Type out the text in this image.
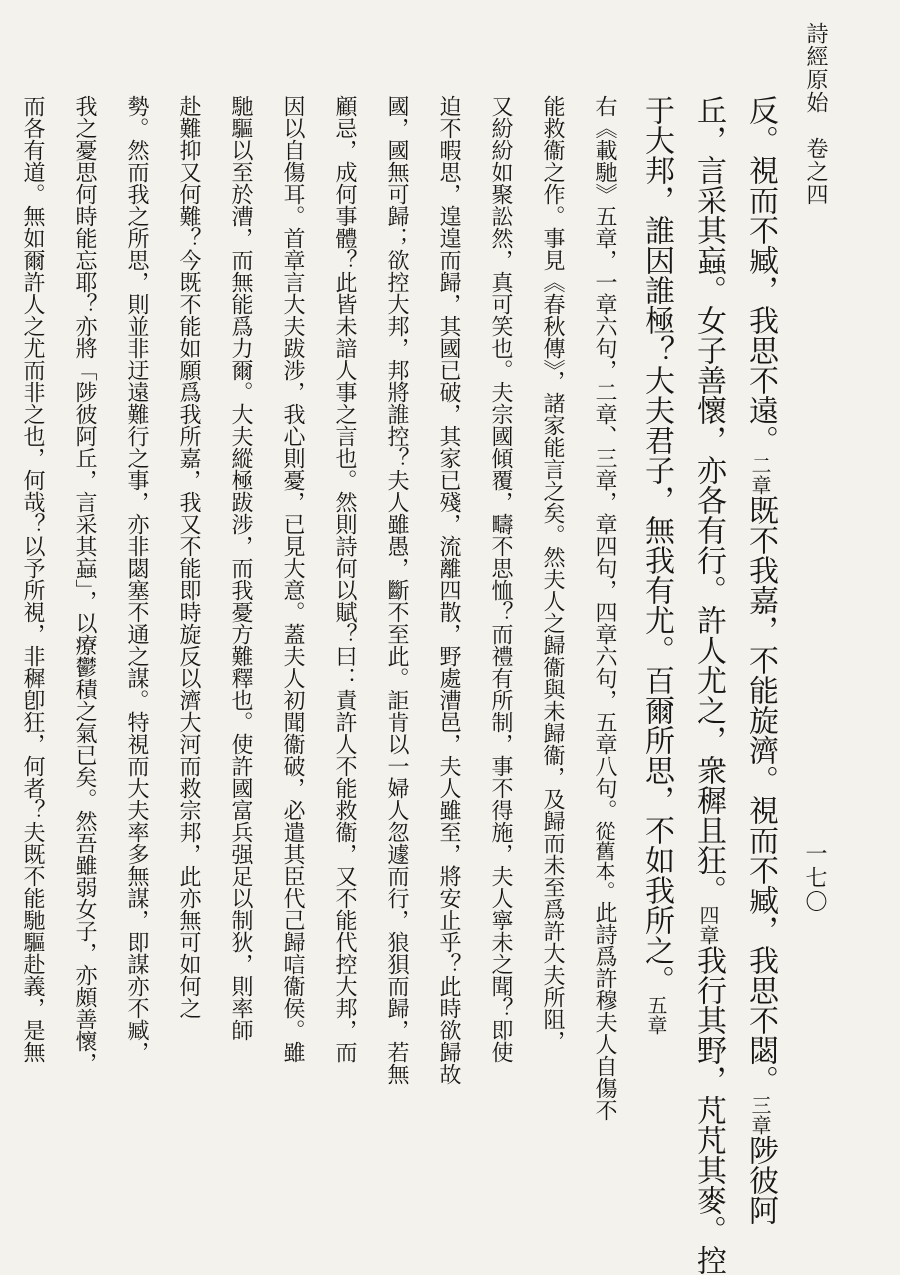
詩經原始　卷之四
一七〇
反。視而不臧，我思不遠。二章既不我嘉，不能旋濟。視而不臧，我思不閟。三章陟彼阿
丘，言采其蝱。女子善懷，亦各有行。許人尤之，衆穉且狂。四章我行其野，芃芃其麥。控
于大邦，誰因誰極？大夫君子，無我有尤。百爾所思，不如我所之。五章
右《載馳》五章，一章六句，二章、三章，章四句，四章六句，五章八句。從舊本。此詩爲許穆夫人自傷不
能救衞之作。事見《春秋傳》，諸家能言之矣。然夫人之歸衞與未歸衞，及歸而未至爲許大夫所阻，
又紛紛如聚訟然，真可笑也。夫宗國傾覆，疇不思恤？而禮有所制，事不得施，夫人寧未之聞？即使
迫不暇思，遑遑而歸，其國已破，其家已殘，流離四散，野處漕邑，夫人雖至，將安止乎？此時欲歸故
國，國無可歸；欲控大邦，邦將誰控？夫人雖愚，斷不至此。詎肯以一婦人忽遽而行，狼狽而歸，若無
顧忌，成何事體？此皆未諳人事之言也。然則詩何以賦？曰：責許人不能救衞，又不能代控大邦，而
因以自傷耳。首章言大夫跋涉，我心則憂，已見大意。蓋夫人初聞衞破，必遣其臣代己歸唁衞侯。雖
馳驅以至於漕，而無能爲力爾。大夫縱極跋涉，而我憂方難釋也。使許國富兵强足以制狄，則率師
赴難抑又何難？今既不能如願爲我所嘉，我又不能即時旋反以濟大河而救宗邦，此亦無可如何之
勢。然而我之所思，則並非迂遠難行之事，亦非閟塞不通之謀。特視而大夫率多無謀，即謀亦不臧，
我之憂思何時能忘耶？亦將「陟彼阿丘，言采其蝱」，以療鬱積之氣已矣。然吾雖弱女子，亦頗善懷，
而各有道。無如爾許人之尤而非之也，何哉？以予所視，非穉卽狂，何者？夫既不能馳驅赴義，是無
